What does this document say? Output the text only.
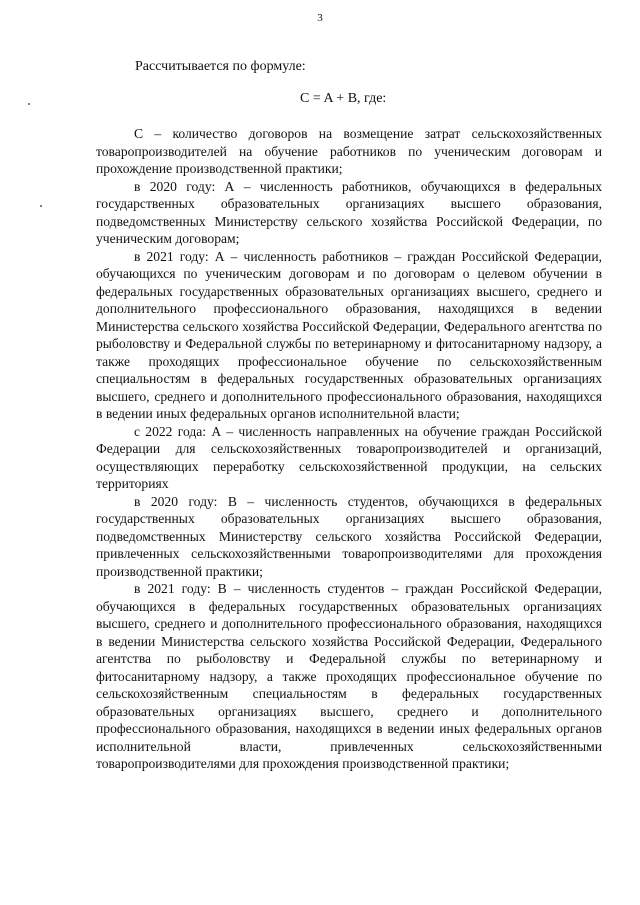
3
Рассчитывается по формуле:
C = A + B, где:

С – количество договоров на возмещение затрат сельскохозяйственных товаропроизводителей на обучение работников по ученическим договорам и прохождение производственной практики;

в 2020 году: А – численность работников, обучающихся в федеральных государственных образовательных организациях высшего образования, подведомственных Министерству сельского хозяйства Российской Федерации, по ученическим договорам;

в 2021 году: А – численность работников – граждан Российской Федерации, обучающихся по ученическим договорам и по договорам о целевом обучении в федеральных государственных образовательных организациях высшего, среднего и дополнительного профессионального образования, находящихся в ведении Министерства сельского хозяйства Российской Федерации, Федерального агентства по рыболовству и Федеральной службы по ветеринарному и фитосанитарному надзору, а также проходящих профессиональное обучение по сельскохозяйственным специальностям в федеральных государственных образовательных организациях высшего, среднего и дополнительного профессионального образования, находящихся в ведении иных федеральных органов исполнительной власти;

с 2022 года: А – численность направленных на обучение граждан Российской Федерации для сельскохозяйственных товаропроизводителей и организаций, осуществляющих переработку сельскохозяйственной продукции, на сельских территориях

в 2020 году: В – численность студентов, обучающихся в федеральных государственных образовательных организациях высшего образования, подведомственных Министерству сельского хозяйства Российской Федерации, привлеченных сельскохозяйственными товаропроизводителями для прохождения производственной практики;

в 2021 году: В – численность студентов – граждан Российской Федерации, обучающихся в федеральных государственных образовательных организациях высшего, среднего и дополнительного профессионального образования, находящихся в ведении Министерства сельского хозяйства Российской Федерации, Федерального агентства по рыболовству и Федеральной службы по ветеринарному и фитосанитарному надзору, а также проходящих профессиональное обучение по сельскохозяйственным специальностям в федеральных государственных образовательных организациях высшего, среднего и дополнительного профессионального образования, находящихся в ведении иных федеральных органов исполнительной власти, привлеченных сельскохозяйственными товаропроизводителями для прохождения производственной практики;
